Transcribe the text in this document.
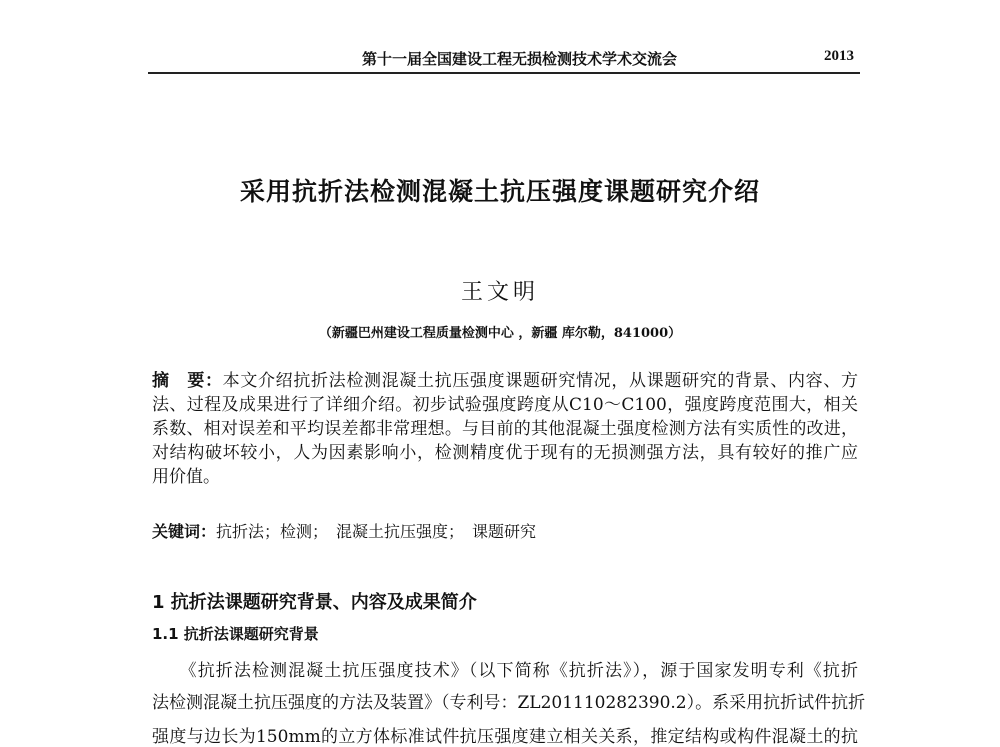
第十一届全国建设工程无损检测技术学术交流会	2013
采用抗折法检测混凝土抗压强度课题研究介绍
王文明
（新疆巴州建设工程质量检测中心 ，新疆 库尔勒，841000）
摘　要：本文介绍抗折法检测混凝土抗压强度课题研究情况，从课题研究的背景、内容、方
法、过程及成果进行了详细介绍。初步试验强度跨度从C10～C100，强度跨度范围大，相关
系数、相对误差和平均误差都非常理想。与目前的其他混凝土强度检测方法有实质性的改进，
对结构破坏较小，人为因素影响小，检测精度优于现有的无损测强方法，具有较好的推广应
用价值。
关键词：抗折法；检测；　混凝土抗压强度；　课题研究
1 抗折法课题研究背景、内容及成果简介
1.1 抗折法课题研究背景
　　《抗折法检测混凝土抗压强度技术》（以下简称《抗折法》），源于国家发明专利《抗折
法检测混凝土抗压强度的方法及装置》（专利号：ZL201110282390.2）。系采用抗折试件抗折
强度与边长为150mm的立方体标准试件抗压强度建立相关关系，推定结构或构件混凝土的抗
